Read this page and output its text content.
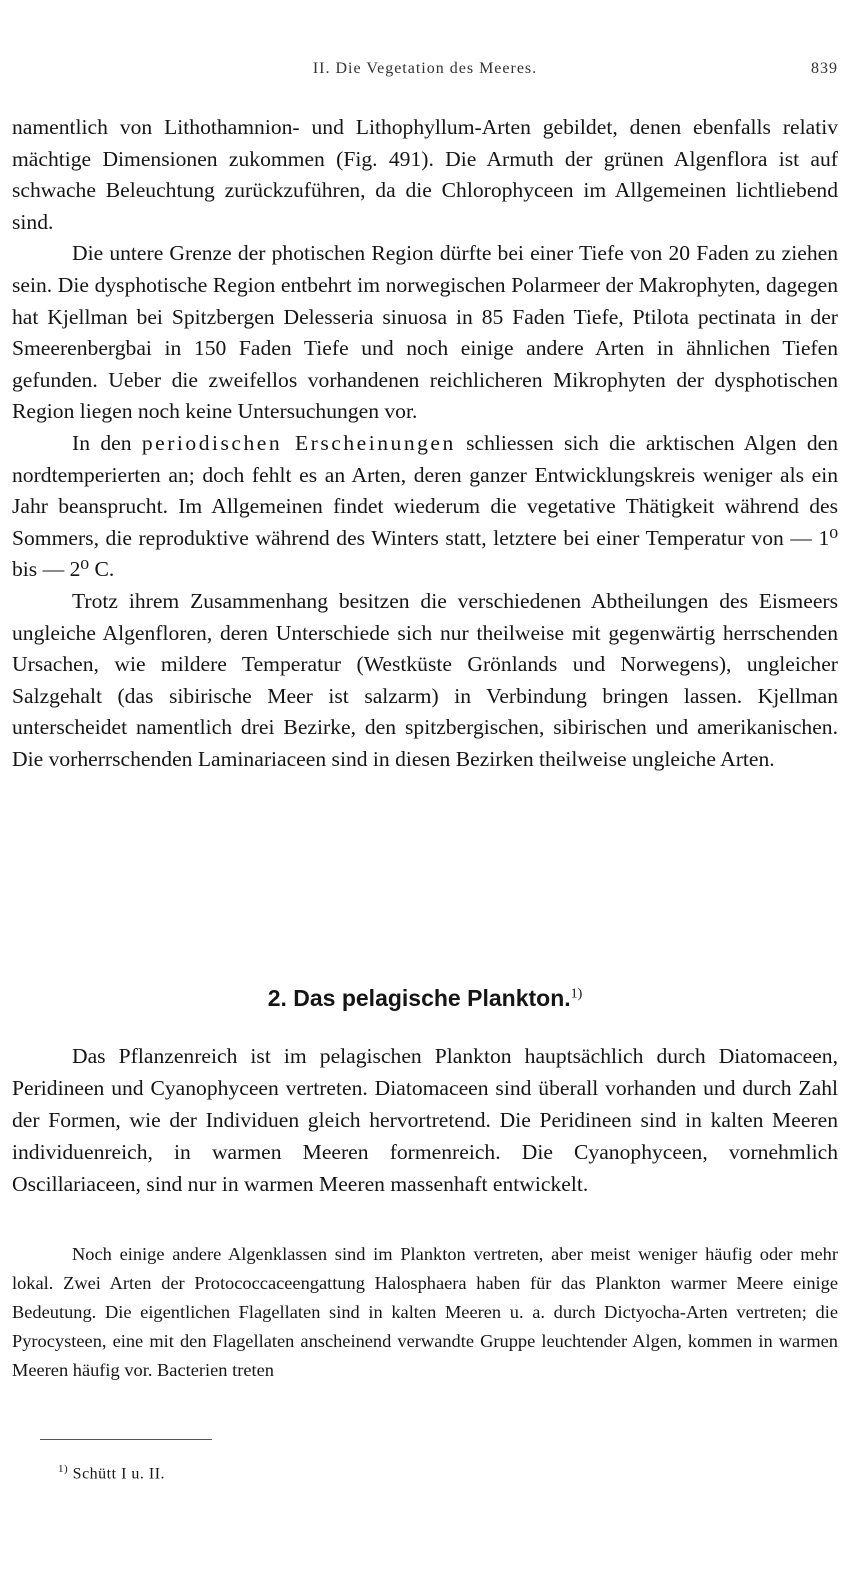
II. Die Vegetation des Meeres.	839

namentlich von Lithothamnion- und Lithophyllum-Arten gebildet, denen ebenfalls relativ mächtige Dimensionen zukommen (Fig. 491). Die Armuth der grünen Algenflora ist auf schwache Beleuchtung zurückzuführen, da die Chlorophyceen im Allgemeinen lichtliebend sind.

Die untere Grenze der photischen Region dürfte bei einer Tiefe von 20 Faden zu ziehen sein. Die dysphotische Region entbehrt im norwegischen Polarmeer der Makrophyten, dagegen hat Kjellman bei Spitzbergen Delesseria sinuosa in 85 Faden Tiefe, Ptilota pectinata in der Smeerenbergbai in 150 Faden Tiefe und noch einige andere Arten in ähnlichen Tiefen gefunden. Ueber die zweifellos vorhandenen reichlicheren Mikrophyten der dysphotischen Region liegen noch keine Untersuchungen vor.

In den periodischen Erscheinungen schliessen sich die arktischen Algen den nordtemperierten an; doch fehlt es an Arten, deren ganzer Entwicklungskreis weniger als ein Jahr beansprucht. Im Allgemeinen findet wiederum die vegetative Thätigkeit während des Sommers, die reproduktive während des Winters statt, letztere bei einer Temperatur von — 1⁰ bis — 2⁰ C.

Trotz ihrem Zusammenhang besitzen die verschiedenen Abtheilungen des Eismeers ungleiche Algenfloren, deren Unterschiede sich nur theilweise mit gegenwärtig herrschenden Ursachen, wie mildere Temperatur (Westküste Grönlands und Norwegens), ungleicher Salzgehalt (das sibirische Meer ist salzarm) in Verbindung bringen lassen. Kjellman unterscheidet namentlich drei Bezirke, den spitzbergischen, sibirischen und amerikanischen. Die vorherrschenden Laminariaceen sind in diesen Bezirken theilweise ungleiche Arten.

2. Das pelagische Plankton.$^{1)}$

Das Pflanzenreich ist im pelagischen Plankton hauptsächlich durch Diatomaceen, Peridineen und Cyanophyceen vertreten. Diatomaceen sind überall vorhanden und durch Zahl der Formen, wie der Individuen gleich hervortretend. Die Peridineen sind in kalten Meeren individuenreich, in warmen Meeren formenreich. Die Cyanophyceen, vornehmlich Oscillariaceen, sind nur in warmen Meeren massenhaft entwickelt.

Noch einige andere Algenklassen sind im Plankton vertreten, aber meist weniger häufig oder mehr lokal. Zwei Arten der Protococcaceengattung Halosphaera haben für das Plankton warmer Meere einige Bedeutung. Die eigentlichen Flagellaten sind in kalten Meeren u. a. durch Dictyocha-Arten vertreten; die Pyrocysteen, eine mit den Flagellaten anscheinend verwandte Gruppe leuchtender Algen, kommen in warmen Meeren häufig vor. Bacterien treten

$^{1)}$ Schütt I u. II.
